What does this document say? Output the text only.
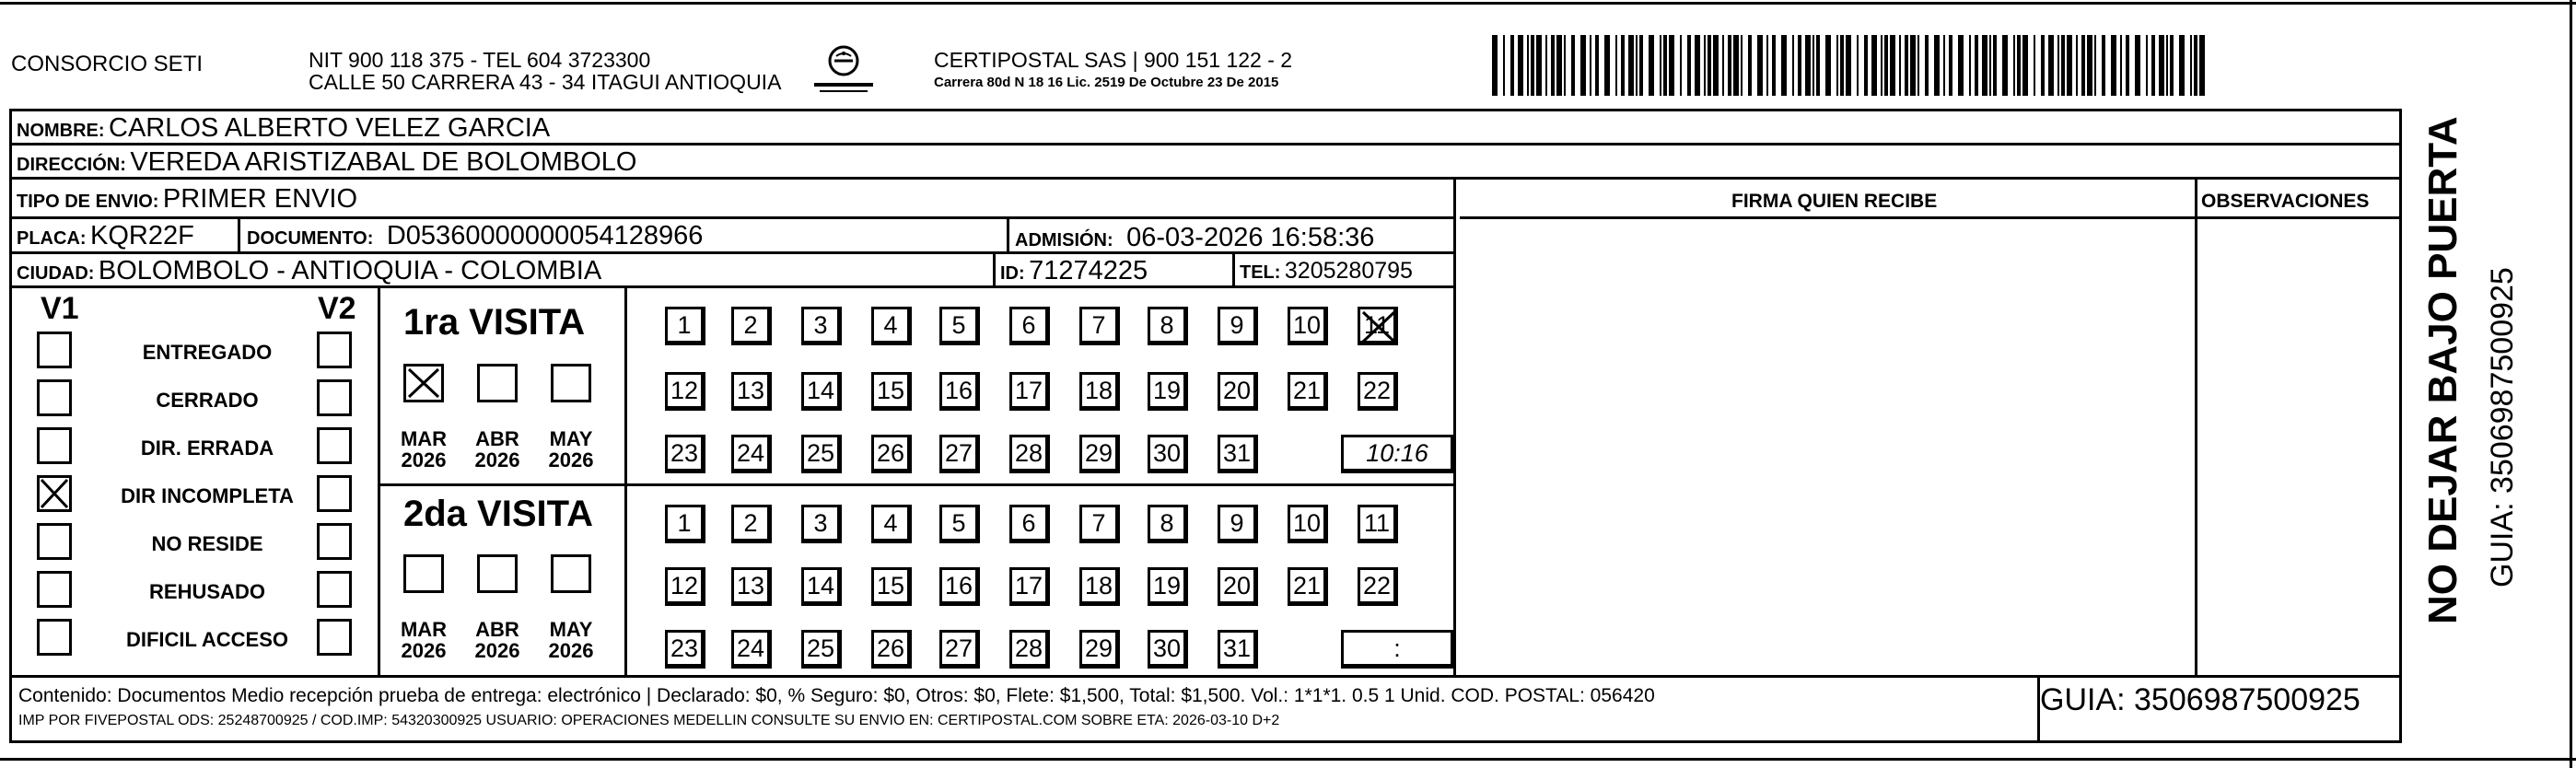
CONSORCIO SETI	NIT 900 118 375 - TEL 604 3723300
CALLE 50 CARRERA 43 - 34 ITAGUI ANTIOQUIA
CERTIPOSTAL SAS | 900 151 122 - 2
Carrera 80d N 18 16 Lic. 2519 De Octubre 23 De 2015
NOMBRE: CARLOS ALBERTO VELEZ GARCIA
DIRECCIÓN: VEREDA ARISTIZABAL DE BOLOMBOLO
TIPO DE ENVIO: PRIMER ENVIO	FIRMA QUIEN RECIBE	OBSERVACIONES
PLACA: KQR22F	DOCUMENTO: D05360000000054128966	ADMISIÓN: 06-03-2026 16:58:36
CIUDAD: BOLOMBOLO - ANTIOQUIA - COLOMBIA	ID: 71274225	TEL: 3205280795
V1	V2
ENTREGADO
CERRADO
DIR. ERRADA
DIR INCOMPLETA
NO RESIDE
REHUSADO
DIFICIL ACCESO
1ra VISITA
2da VISITA
MAR
2026
ABR
2026
MAY
2026
MAR
2026
ABR
2026
MAY
2026
1	2	3	4	5	6	7	8	9	10 11
12 13 14 15 16 17 18 19 20 21 22
23 24 25 26 27 28 29 30 31	10:16
1	2	3	4	5	6	7	8	9	10 11
12 13 14 15 16 17 18 19 20 21 22
23 24 25 26 27 28 29 30 31	:
Contenido: Documentos Medio recepción prueba de entrega: electrónico | Declarado: $0, % Seguro: $0, Otros: $0, Flete: $1,500, Total: $1,500. Vol.: 1*1*1. 0.5 1 Unid. COD. POSTAL: 056420
IMP POR FIVEPOSTAL ODS: 25248700925 / COD.IMP: 54320300925 USUARIO: OPERACIONES MEDELLIN CONSULTE SU ENVIO EN: CERTIPOSTAL.COM SOBRE ETA: 2026-03-10 D+2
GUIA: 3506987500925
NO DEJAR BAJO PUERTA GUIA: 3506987500925
